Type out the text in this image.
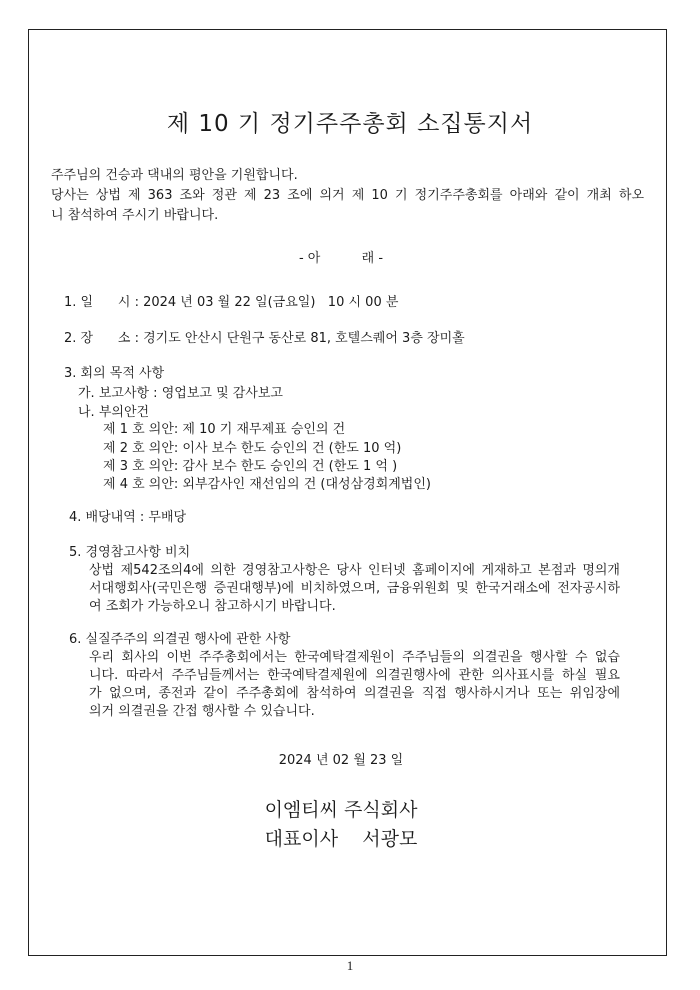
제 10 기 정기주주총회 소집통지서
주주님의 건승과 댁내의 평안을 기원합니다.
당사는 상법 제 363 조와 정관 제 23 조에 의거 제 10 기 정기주주총회를 아래와 같이 개최 하오
니 참석하여 주시기 바랍니다.
- 아          래 -
1. 일      시 : 2024 년 03 월 22 일(금요일)   10 시 00 분
2. 장      소 : 경기도 안산시 단원구 동산로 81, 호텔스퀘어 3층 장미홀
3. 회의 목적 사항
가. 보고사항 : 영업보고 및 감사보고
나. 부의안건
제 1 호 의안: 제 10 기 재무제표 승인의 건
제 2 호 의안: 이사 보수 한도 승인의 건 (한도 10 억)
제 3 호 의안: 감사 보수 한도 승인의 건 (한도 1 억 )
제 4 호 의안: 외부감사인 재선임의 건 (대성삼경회계법인)
4. 배당내역 : 무배당
5. 경영참고사항 비치
상법 제542조의4에 의한 경영참고사항은 당사 인터넷 홈페이지에 게재하고 본점과 명의개
서대행회사(국민은행 증권대행부)에 비치하였으며, 금융위원회 및 한국거래소에 전자공시하
여 조회가 가능하오니 참고하시기 바랍니다.
6. 실질주주의 의결권 행사에 관한 사항
우리 회사의 이번 주주총회에서는 한국예탁결제원이 주주님들의 의결권을 행사할 수 없습
니다. 따라서 주주님들께서는 한국예탁결제원에 의결권행사에 관한 의사표시를 하실 필요
가 없으며, 종전과 같이 주주총회에 참석하여 의결권을 직접 행사하시거나 또는 위임장에
의거 의결권을 간접 행사할 수 있습니다.
2024 년 02 월 23 일
이엠티씨 주식회사
대표이사    서광모
1
